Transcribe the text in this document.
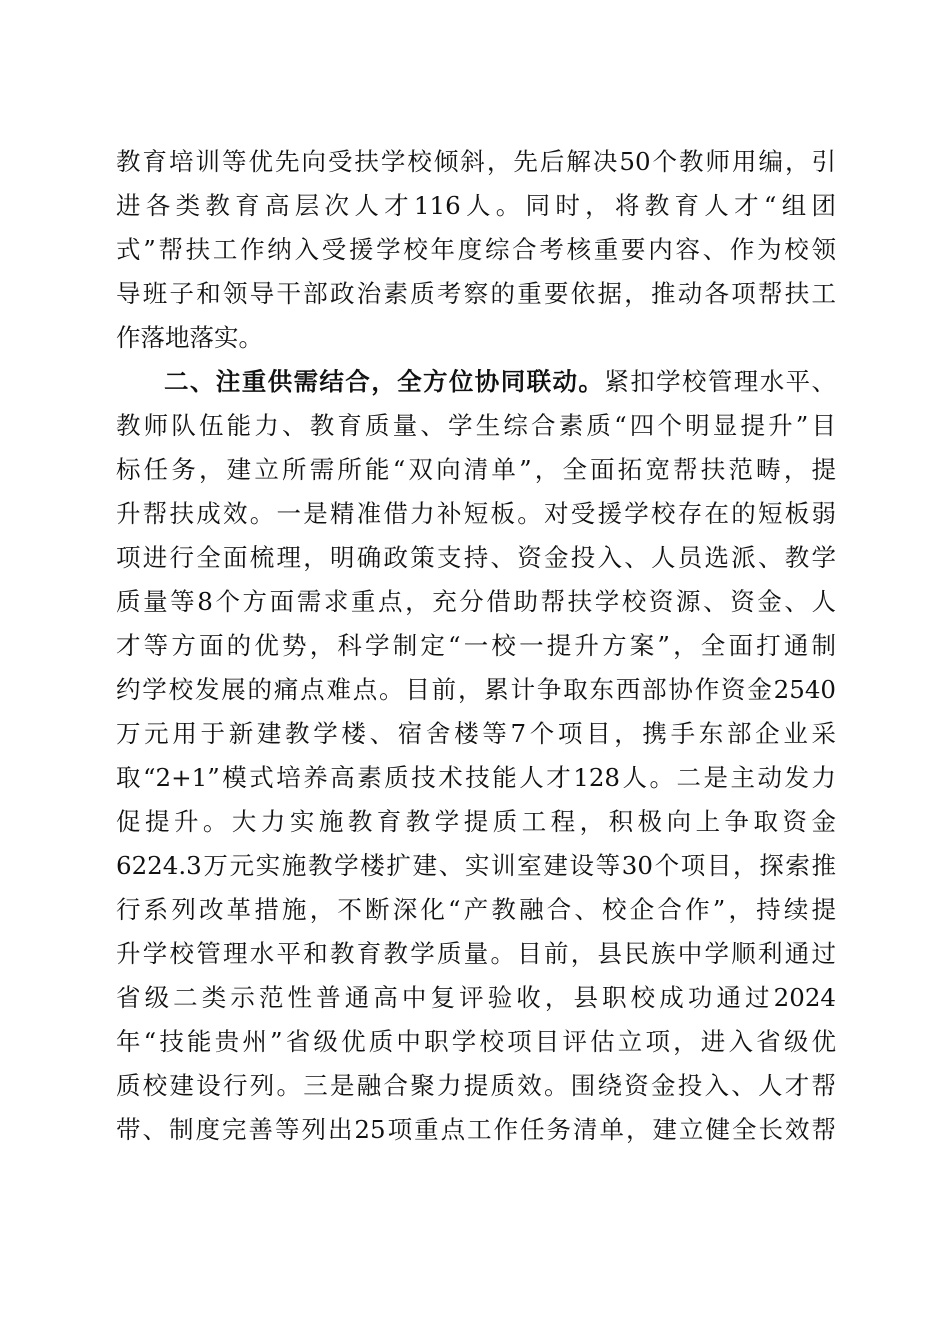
教育培训等优先向受扶学校倾斜，先后解决50个教师用编，引
进各类教育高层次人才116人。同时，将教育人才“组团
式”帮扶工作纳入受援学校年度综合考核重要内容、作为校领
导班子和领导干部政治素质考察的重要依据，推动各项帮扶工
作落地落实。
二、注重供需结合，全方位协同联动。紧扣学校管理水平、
教师队伍能力、教育质量、学生综合素质“四个明显提升”目
标任务，建立所需所能“双向清单”，全面拓宽帮扶范畴，提
升帮扶成效。一是精准借力补短板。对受援学校存在的短板弱
项进行全面梳理，明确政策支持、资金投入、人员选派、教学
质量等8个方面需求重点，充分借助帮扶学校资源、资金、人
才等方面的优势，科学制定“一校一提升方案”，全面打通制
约学校发展的痛点难点。目前，累计争取东西部协作资金2540
万元用于新建教学楼、宿舍楼等7个项目，携手东部企业采
取“2+1”模式培养高素质技术技能人才128人。二是主动发力
促提升。大力实施教育教学提质工程，积极向上争取资金
6224.3万元实施教学楼扩建、实训室建设等30个项目，探索推
行系列改革措施，不断深化“产教融合、校企合作”，持续提
升学校管理水平和教育教学质量。目前，县民族中学顺利通过
省级二类示范性普通高中复评验收，县职校成功通过2024
年“技能贵州”省级优质中职学校项目评估立项，进入省级优
质校建设行列。三是融合聚力提质效。围绕资金投入、人才帮
带、制度完善等列出25项重点工作任务清单，建立健全长效帮
